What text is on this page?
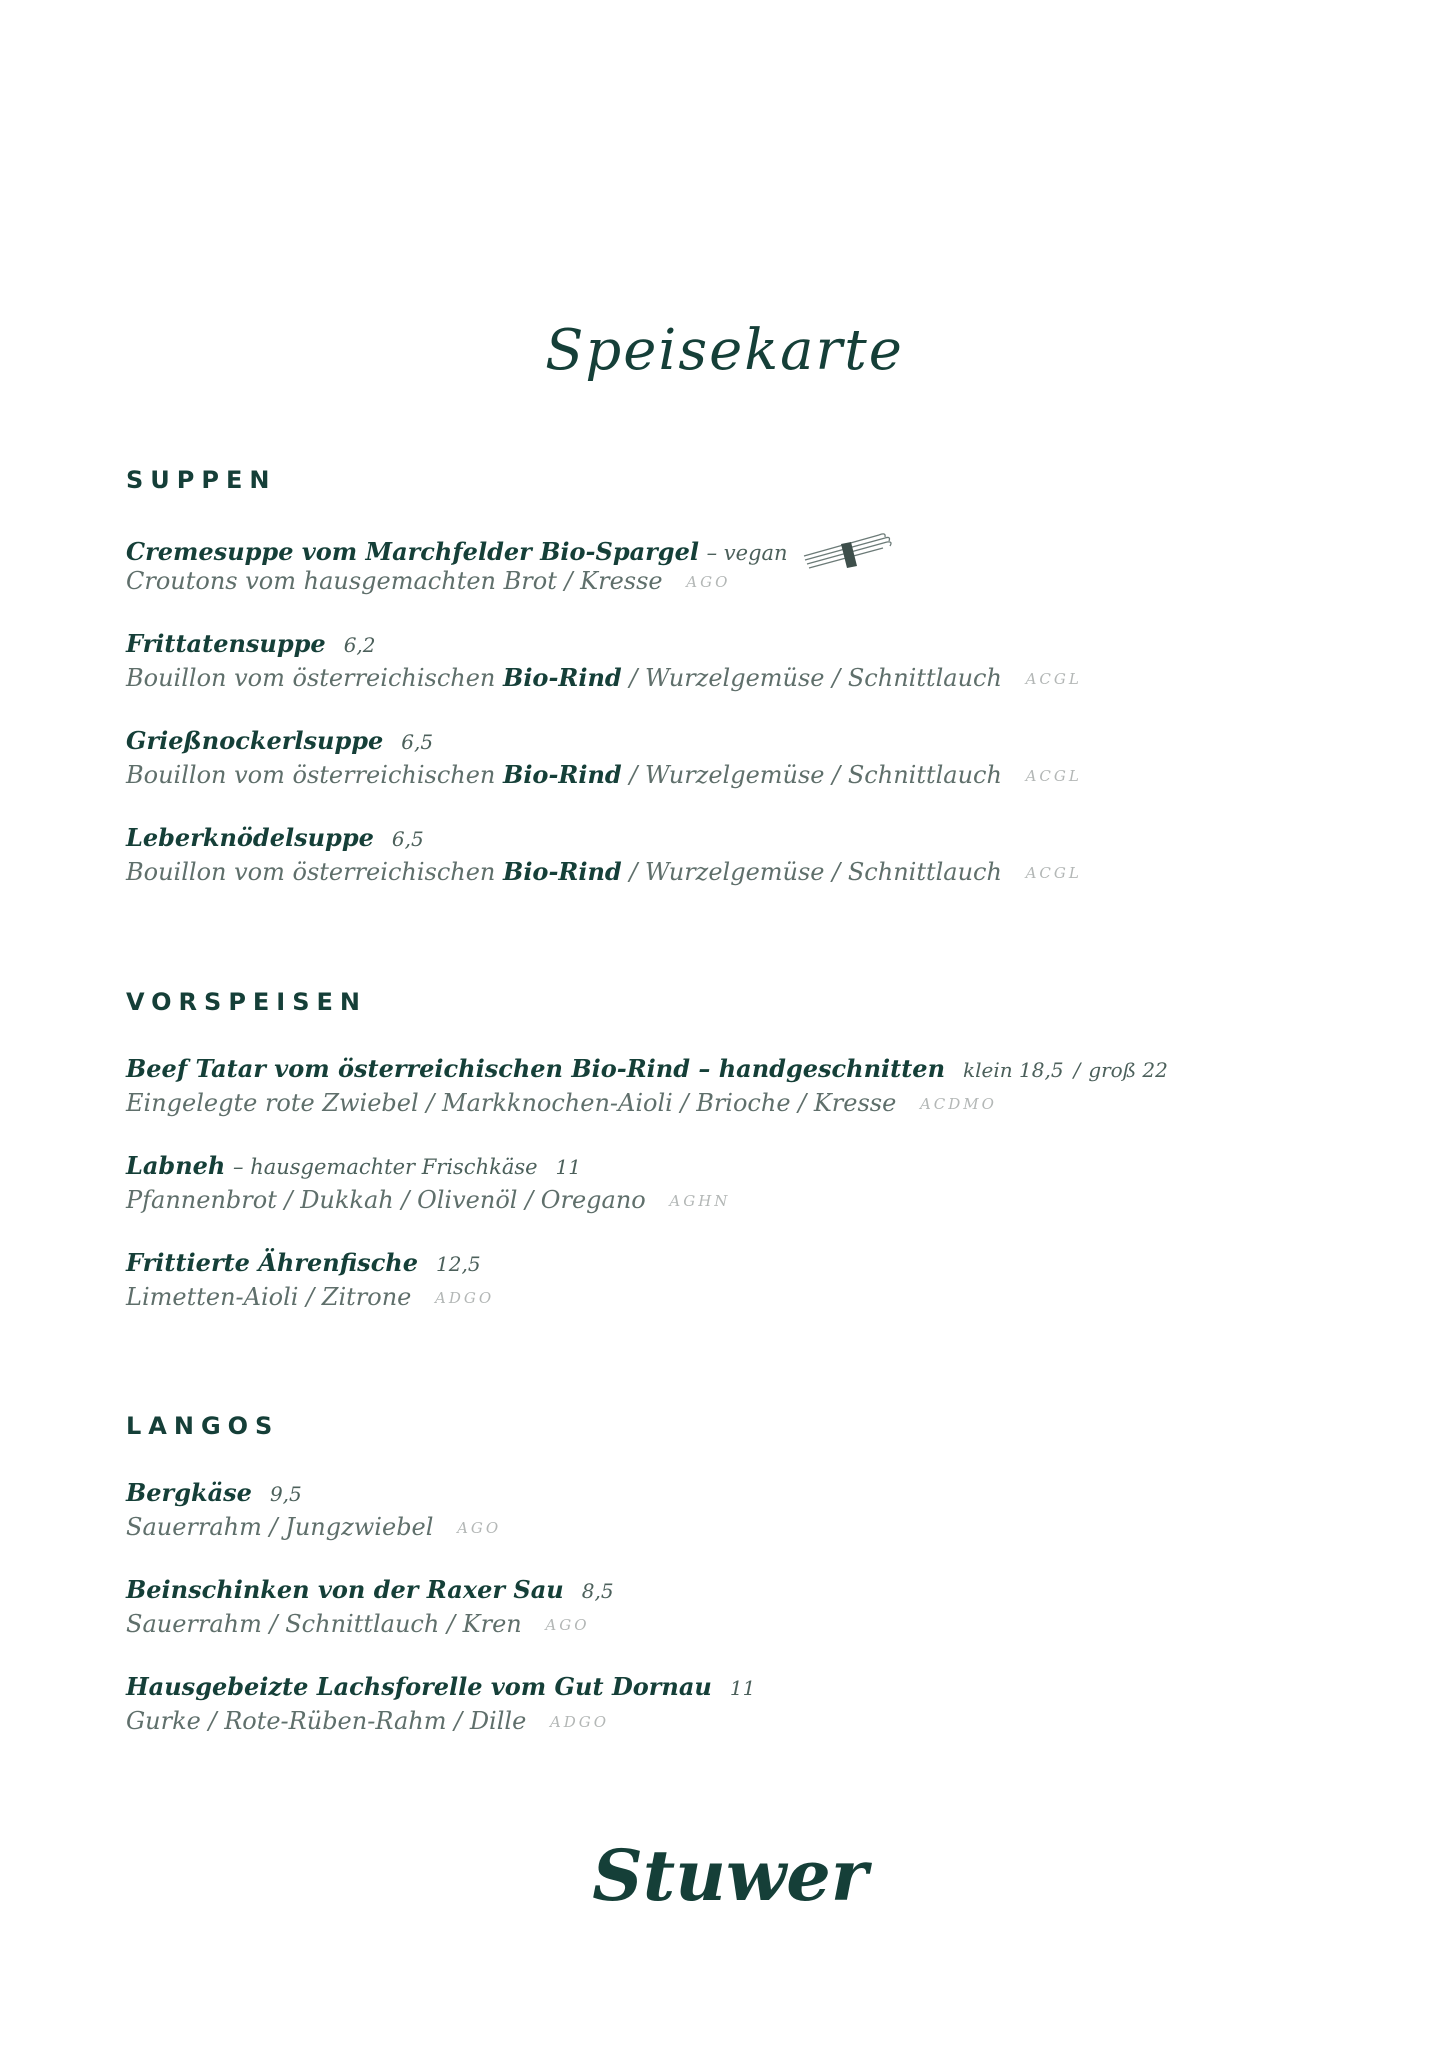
Speisekarte
SUPPEN
Cremesuppe vom Marchfelder Bio-Spargel – vegan
Croutons vom hausgemachten Brot / Kresse AGO
Frittatensuppe 6,2
Bouillon vom österreichischen Bio-Rind / Wurzelgemüse / Schnittlauch ACGL
Grießnockerlsuppe 6,5
Bouillon vom österreichischen Bio-Rind / Wurzelgemüse / Schnittlauch ACGL
Leberknödelsuppe 6,5
Bouillon vom österreichischen Bio-Rind / Wurzelgemüse / Schnittlauch ACGL
VORSPEISEN
Beef Tatar vom österreichischen Bio-Rind – handgeschnitten klein 18,5 / groß 22
Eingelegte rote Zwiebel / Markknochen-Aioli / Brioche / Kresse ACDMO
Labneh – hausgemachter Frischkäse 11
Pfannenbrot / Dukkah / Olivenöl / Oregano AGHN
Frittierte Ährenfische 12,5
Limetten-Aioli / Zitrone ADGO
LANGOS
Bergkäse 9,5
Sauerrahm / Jungzwiebel AGO
Beinschinken von der Raxer Sau 8,5
Sauerrahm / Schnittlauch / Kren AGO
Hausgebeizte Lachsforelle vom Gut Dornau 11
Gurke / Rote-Rüben-Rahm / Dille ADGO
Stuwer
